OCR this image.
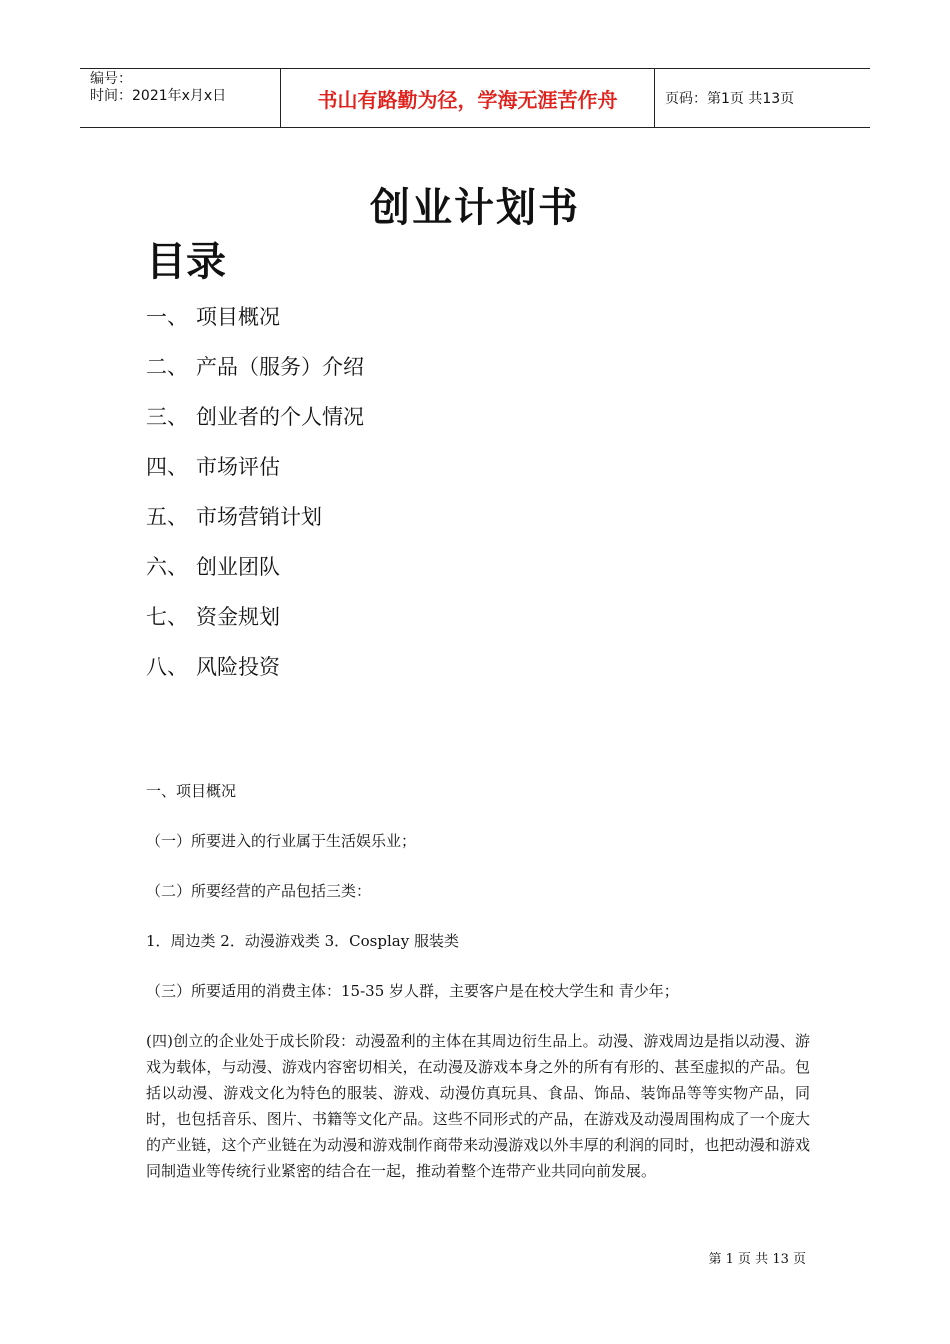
编号：
时间：2021年x月x日	书山有路勤为径，学海无涯苦作舟	页码：第1页 共13页
创业计划书
目录
一、 项目概况
二、 产品（服务）介绍
三、 创业者的个人情况
四、 市场评估
五、 市场营销计划
六、 创业团队
七、 资金规划
八、 风险投资

一、项目概况

（一）所要进入的行业属于生活娱乐业；

（二）所要经营的产品包括三类：

1．周边类 2．动漫游戏类 3．Cosplay 服装类

（三）所要适用的消费主体：15-35 岁人群，主要客户是在校大学生和 青少年；

(四)创立的企业处于成长阶段：动漫盈利的主体在其周边衍生品上。动漫、游戏周边是指以动漫、游戏为载体，与动漫、游戏内容密切相关，在动漫及游戏本身之外的所有有形的、甚至虚拟的产品。包括以动漫、游戏文化为特色的服装、游戏、动漫仿真玩具、食品、饰品、装饰品等等实物产品，同时，也包括音乐、图片、书籍等文化产品。这些不同形式的产品，在游戏及动漫周围构成了一个庞大的产业链，这个产业链在为动漫和游戏制作商带来动漫游戏以外丰厚的利润的同时，也把动漫和游戏同制造业等传统行业紧密的结合在一起，推动着整个连带产业共同向前发展。

第 1 页 共 13 页
